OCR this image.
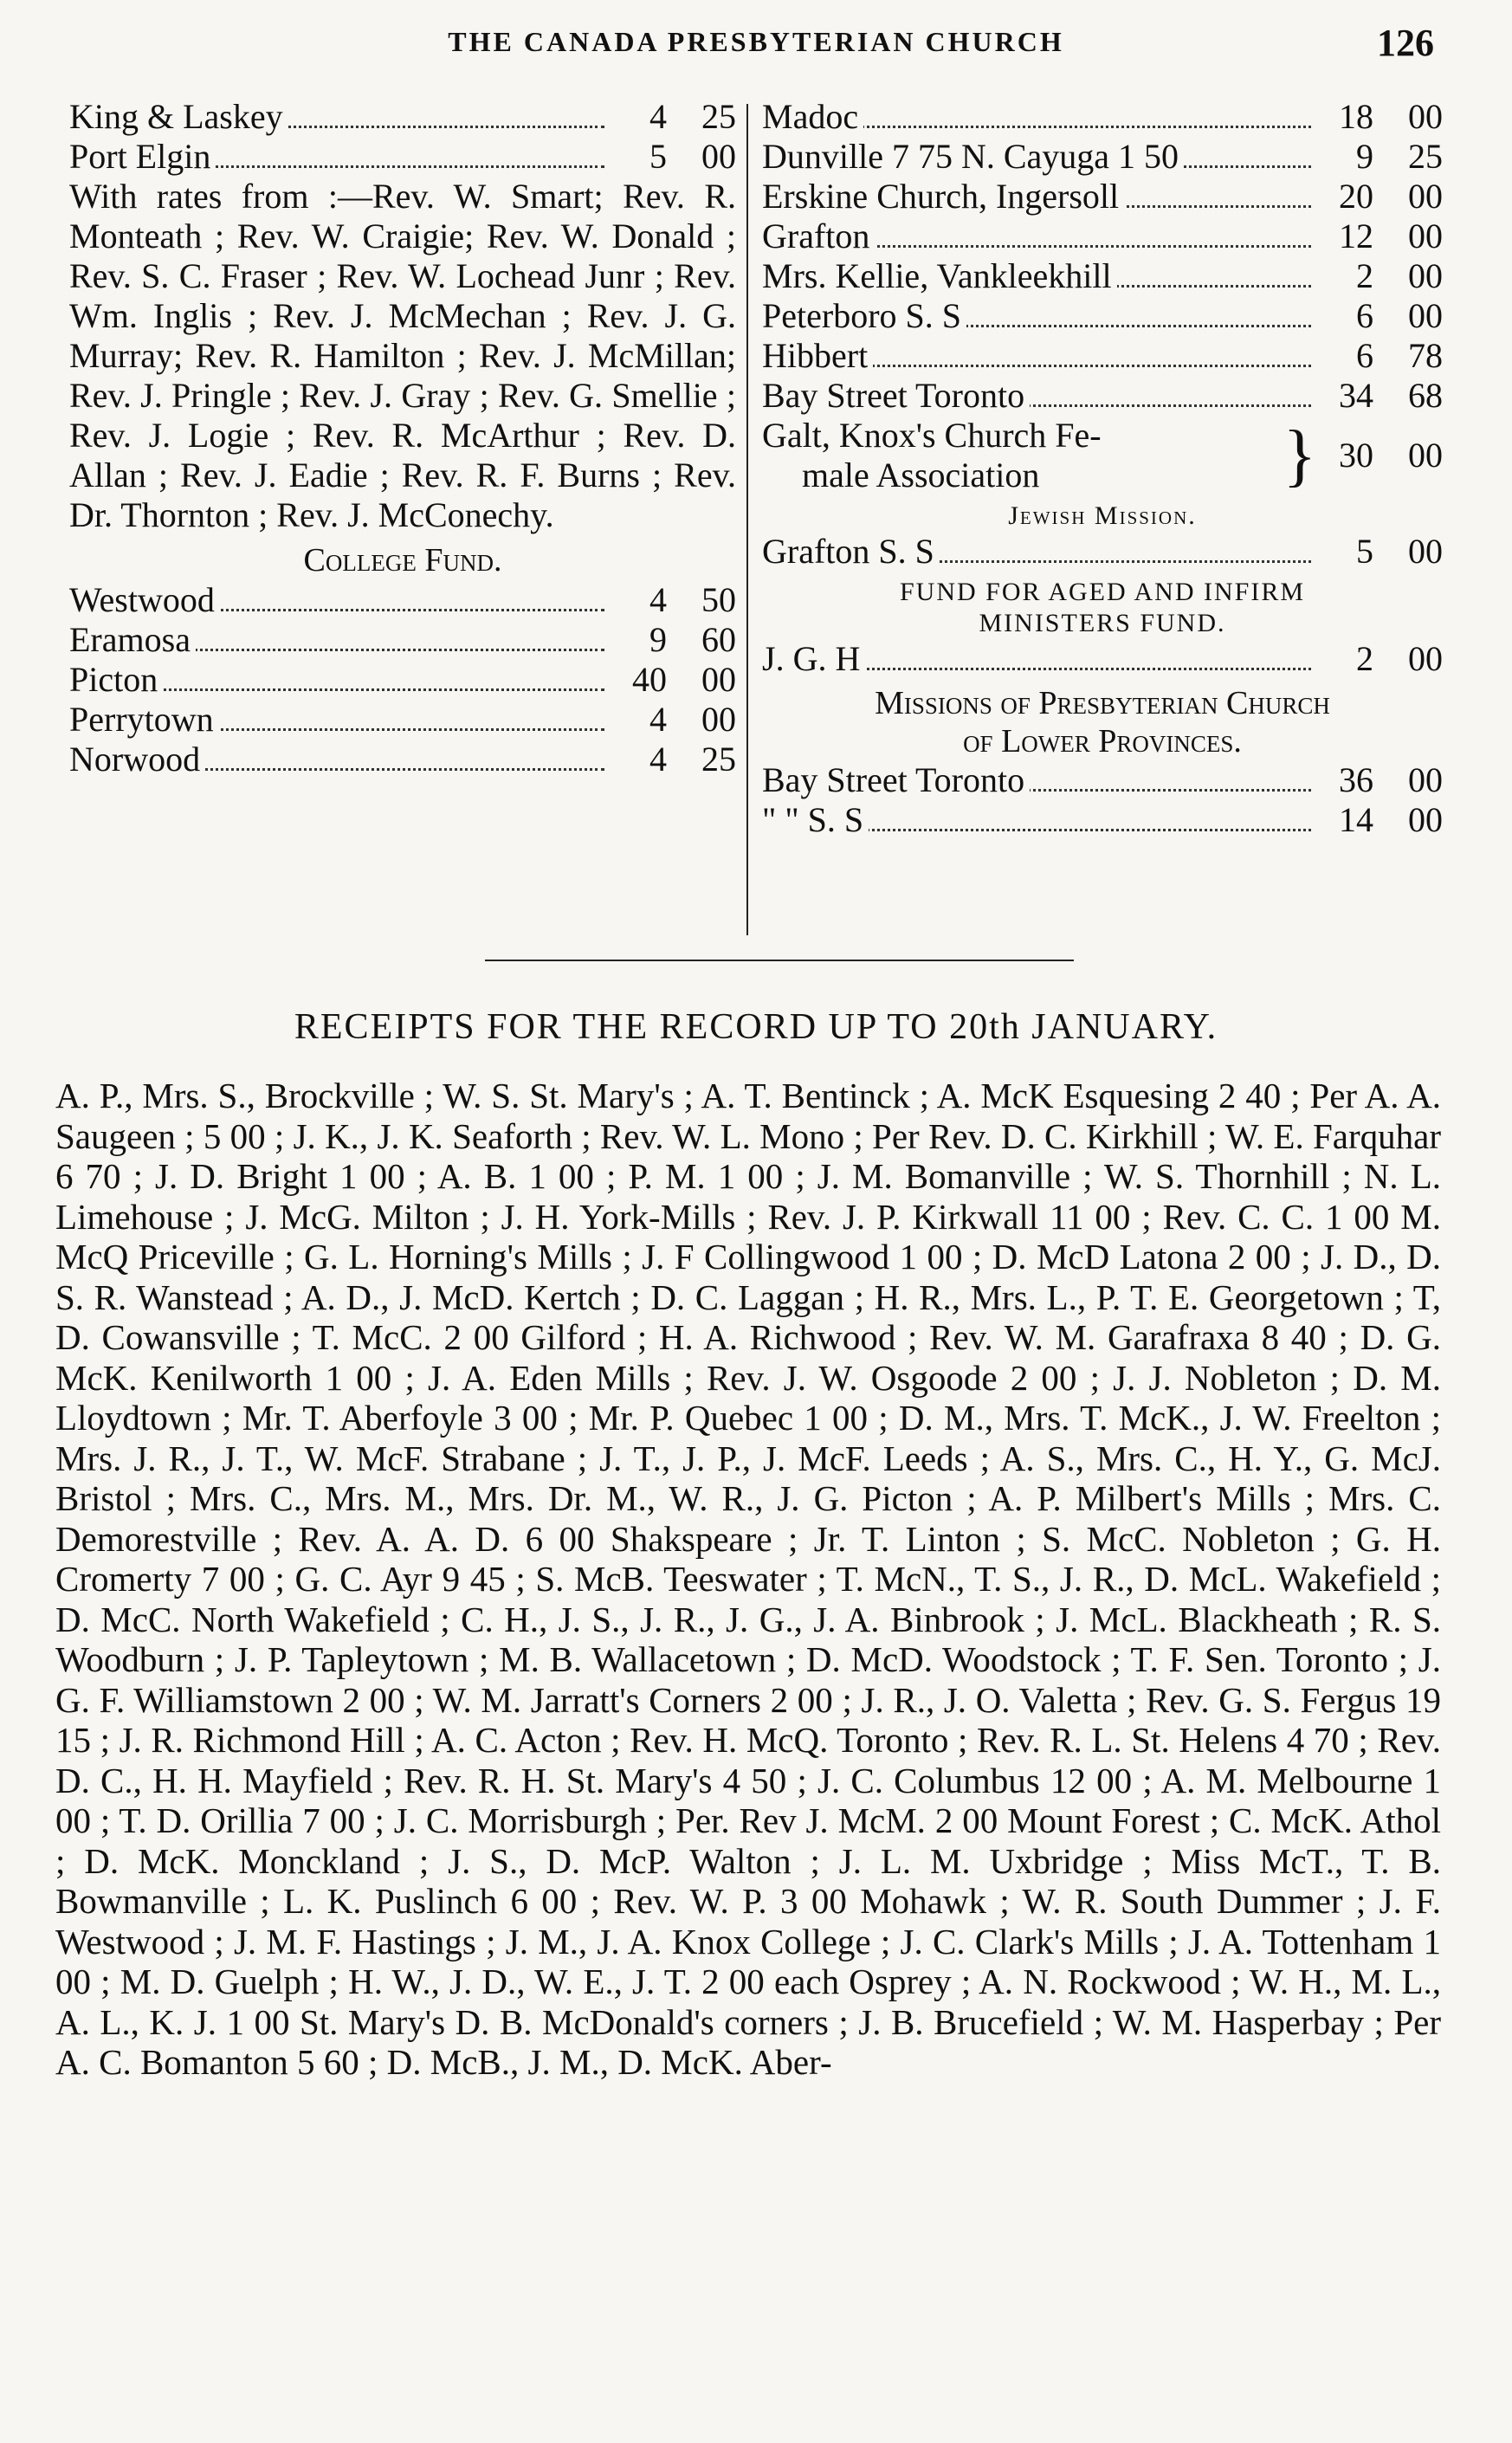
THE CANADA PRESBYTERIAN CHURCH	126
King & Laskey	4	25
Port Elgin	5	00

With rates from :—Rev. W. Smart; Rev. R. Monteath ; Rev. W. Craigie; Rev. W. Donald ; Rev. S. C. Fraser ; Rev. W. Lochead Junr ; Rev. Wm. Inglis ; Rev. J. McMechan ; Rev. J. G. Murray; Rev. R. Hamilton ; Rev. J. McMillan; Rev. J. Pringle ; Rev. J. Gray ; Rev. G. Smellie ; Rev. J. Logie ; Rev. R. McArthur ; Rev. D. Allan ; Rev. J. Eadie ; Rev. R. F. Burns ; Rev. Dr. Thornton ; Rev. J. McConechy.

College Fund.
Westwood	4	50
Eramosa	9	60
Picton	40	00
Perrytown	4	00
Norwood	4	25
Madoc	18	00
Dunville 7 75 N. Cayuga 1 50	9	25
Erskine Church, Ingersoll	20	00
Grafton	12	00
Mrs. Kellie, Vankleekhill	2	00
Peterboro S. S	6	00
Hibbert	6	78
Bay Street Toronto	34	68
Galt, Knox's Church Fe-
male Association	} 30	00
Jewish Mission.
Grafton S. S	5	00
FUND FOR AGED AND INFIRM
MINISTERS FUND.
J. G. H	2	00
Missions of Presbyterian Church
of Lower Provinces.
Bay Street Toronto	36	00
" " S. S	14	00
RECEIPTS FOR THE RECORD UP TO 20th JANUARY.

A. P., Mrs. S., Brockville ; W. S. St. Mary's ; A. T. Bentinck ; A. McK Esquesing 2 40 ; Per A. A. Saugeen ; 5 00 ; J. K., J. K. Seaforth ; Rev. W. L. Mono ; Per Rev. D. C. Kirkhill ; W. E. Farquhar 6 70 ; J. D. Bright 1 00 ; A. B. 1 00 ; P. M. 1 00 ; J. M. Bomanville ; W. S. Thornhill ; N. L. Limehouse ; J. McG. Milton ; J. H. York-Mills ; Rev. J. P. Kirkwall 11 00 ; Rev. C. C. 1 00 M. McQ Priceville ; G. L. Horning's Mills ; J. F Collingwood 1 00 ; D. McD Latona 2 00 ; J. D., D. S. R. Wanstead ; A. D., J. McD. Kertch ; D. C. Laggan ; H. R., Mrs. L., P. T. E. Georgetown ; T, D. Cowansville ; T. McC. 2 00 Gilford ; H. A. Richwood ; Rev. W. M. Garafraxa 8 40 ; D. G. McK. Kenilworth 1 00 ; J. A. Eden Mills ; Rev. J. W. Osgoode 2 00 ; J. J. Nobleton ; D. M. Lloydtown ; Mr. T. Aberfoyle 3 00 ; Mr. P. Quebec 1 00 ; D. M., Mrs. T. McK., J. W. Freelton ; Mrs. J. R., J. T., W. McF. Strabane ; J. T., J. P., J. McF. Leeds ; A. S., Mrs. C., H. Y., G. McJ. Bristol ; Mrs. C., Mrs. M., Mrs. Dr. M., W. R., J. G. Picton ; A. P. Milbert's Mills ; Mrs. C. Demorestville ; Rev. A. A. D. 6 00 Shakspeare ; Jr. T. Linton ; S. McC. Nobleton ; G. H. Cromerty 7 00 ; G. C. Ayr 9 45 ; S. McB. Teeswater ; T. McN., T. S., J. R., D. McL. Wakefield ; D. McC. North Wakefield ; C. H., J. S., J. R., J. G., J. A. Binbrook ; J. McL. Blackheath ; R. S. Woodburn ; J. P. Tapleytown ; M. B. Wallacetown ; D. McD. Woodstock ; T. F. Sen. Toronto ; J. G. F. Williamstown 2 00 ; W. M. Jarratt's Corners 2 00 ; J. R., J. O. Valetta ; Rev. G. S. Fergus 19 15 ; J. R. Richmond Hill ; A. C. Acton ; Rev. H. McQ. Toronto ; Rev. R. L. St. Helens 4 70 ; Rev. D. C., H. H. Mayfield ; Rev. R. H. St. Mary's 4 50 ; J. C. Columbus 12 00 ; A. M. Melbourne 1 00 ; T. D. Orillia 7 00 ; J. C. Morrisburgh ; Per. Rev J. McM. 2 00 Mount Forest ; C. McK. Athol ; D. McK. Monckland ; J. S., D. McP. Walton ; J. L. M. Uxbridge ; Miss McT., T. B. Bowmanville ; L. K. Puslinch 6 00 ; Rev. W. P. 3 00 Mohawk ; W. R. South Dummer ; J. F. Westwood ; J. M. F. Hastings ; J. M., J. A. Knox College ; J. C. Clark's Mills ; J. A. Tottenham 1 00 ; M. D. Guelph ; H. W., J. D., W. E., J. T. 2 00 each Osprey ; A. N. Rockwood ; W. H., M. L., A. L., K. J. 1 00 St. Mary's D. B. McDonald's corners ; J. B. Brucefield ; W. M. Hasperbay ; Per A. C. Bomanton 5 60 ; D. McB., J. M., D. McK. Aber-
